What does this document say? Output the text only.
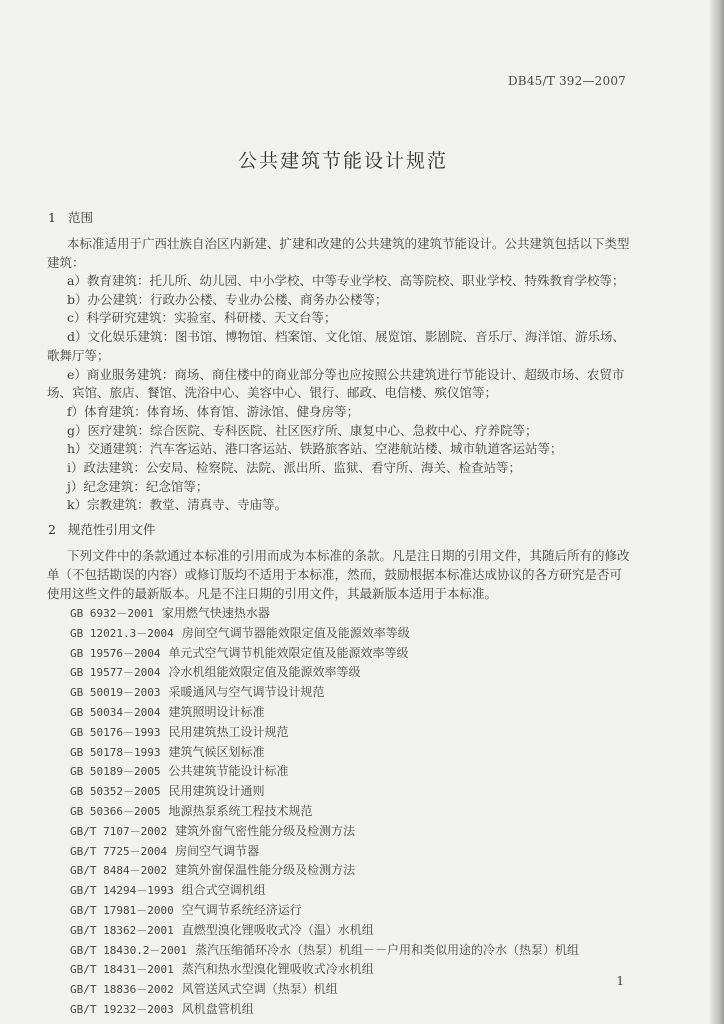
DB45/T 392—2007
公共建筑节能设计规范
1 范围
本标准适用于广西壮族自治区内新建、扩建和改建的公共建筑的建筑节能设计。公共建筑包括以下类型建筑：

a）教育建筑：托儿所、幼儿园、中小学校、中等专业学校、高等院校、职业学校、特殊教育学校等；

b）办公建筑：行政办公楼、专业办公楼、商务办公楼等；

c）科学研究建筑：实验室、科研楼、天文台等；

d）文化娱乐建筑：图书馆、博物馆、档案馆、文化馆、展览馆、影剧院、音乐厅、海洋馆、游乐场、歌舞厅等；

e）商业服务建筑：商场、商住楼中的商业部分等也应按照公共建筑进行节能设计、超级市场、农贸市场、宾馆、旅店、餐馆、洗浴中心、美容中心、银行、邮政、电信楼、殡仪馆等；

f）体育建筑：体育场、体育馆、游泳馆、健身房等；

g）医疗建筑：综合医院、专科医院、社区医疗所、康复中心、急救中心、疗养院等；

h）交通建筑：汽车客运站、港口客运站、铁路旅客站、空港航站楼、城市轨道客运站等；

i）政法建筑：公安局、检察院、法院、派出所、监狱、看守所、海关、检查站等；

j）纪念建筑：纪念馆等；

k）宗教建筑：教堂、清真寺、寺庙等。

2 规范性引用文件
下列文件中的条款通过本标准的引用而成为本标准的条款。凡是注日期的引用文件，其随后所有的修改单（不包括勘误的内容）或修订版均不适用于本标准，然而，鼓励根据本标准达成协议的各方研究是否可使用这些文件的最新版本。凡是不注日期的引用文件，其最新版本适用于本标准。
GB 6932－2001 家用燃气快速热水器
GB 12021.3－2004 房间空气调节器能效限定值及能源效率等级
GB 19576－2004 单元式空气调节机能效限定值及能源效率等级
GB 19577－2004 冷水机组能效限定值及能源效率等级
GB 50019－2003 采暖通风与空气调节设计规范
GB 50034－2004 建筑照明设计标准
GB 50176－1993 民用建筑热工设计规范
GB 50178－1993 建筑气候区划标准
GB 50189－2005 公共建筑节能设计标准
GB 50352－2005 民用建筑设计通则
GB 50366－2005 地源热泵系统工程技术规范
GB/T 7107－2002 建筑外窗气密性能分级及检测方法
GB/T 7725－2004 房间空气调节器
GB/T 8484－2002 建筑外窗保温性能分级及检测方法
GB/T 14294－1993 组合式空调机组
GB/T 17981－2000 空气调节系统经济运行
GB/T 18362－2001 直燃型溴化锂吸收式冷（温）水机组
GB/T 18430.2－2001 蒸汽压缩循环冷水（热泵）机组－－户用和类似用途的冷水（热泵）机组
GB/T 18431－2001 蒸汽和热水型溴化锂吸收式冷水机组
GB/T 18836－2002 风管送风式空调（热泵）机组
GB/T 19232－2003 风机盘管机组
1
